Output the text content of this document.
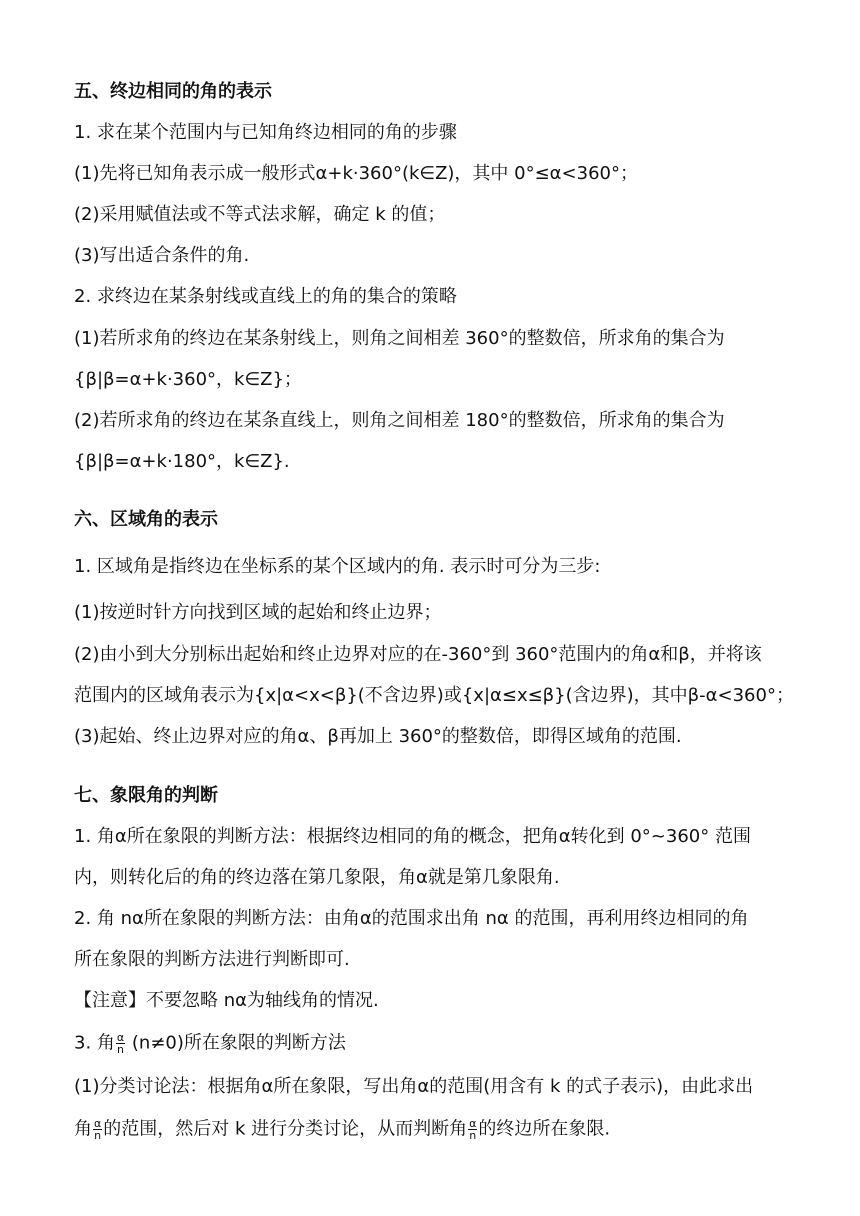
五、终边相同的角的表示
1. 求在某个范围内与已知角终边相同的角的步骤
(1)先将已知角表示成一般形式α+k·360°(k∈Z)，其中 0°≤α<360°；
(2)采用赋值法或不等式法求解，确定 k 的值；
(3)写出适合条件的角.
2. 求终边在某条射线或直线上的角的集合的策略
(1)若所求角的终边在某条射线上，则角之间相差 360°的整数倍，所求角的集合为
{β|β=α+k·360°，k∈Z}；
(2)若所求角的终边在某条直线上，则角之间相差 180°的整数倍，所求角的集合为
{β|β=α+k·180°，k∈Z}.
六、区域角的表示
1. 区域角是指终边在坐标系的某个区域内的角. 表示时可分为三步:
(1)按逆时针方向找到区域的起始和终止边界；
(2)由小到大分别标出起始和终止边界对应的在-360°到 360°范围内的角α和β，并将该
范围内的区域角表示为{x|α<x<β}(不含边界)或{x|α≤x≤β}(含边界)，其中β-α<360°；
(3)起始、终止边界对应的角α、β再加上 360°的整数倍，即得区域角的范围.
七、象限角的判断
1. 角α所在象限的判断方法：根据终边相同的角的概念，把角α转化到 0°~360° 范围
内，则转化后的角的终边落在第几象限，角α就是第几象限角.
2. 角 nα所在象限的判断方法：由角α的范围求出角 nα 的范围，再利用终边相同的角
所在象限的判断方法进行判断即可.
【注意】不要忽略 nα为轴线角的情况.
3. 角 $\frac{\alpha}{n} (n\ne 0)$所在象限的判断方法
(1)分类讨论法：根据角α所在象限，写出角α的范围(用含有 k 的式子表示)，由此求出
角 $\frac{\alpha}{n}$ 的范围，然后对 k 进行分类讨论，从而判断角 $\frac{\alpha}{n}$ 的终边所在象限.
